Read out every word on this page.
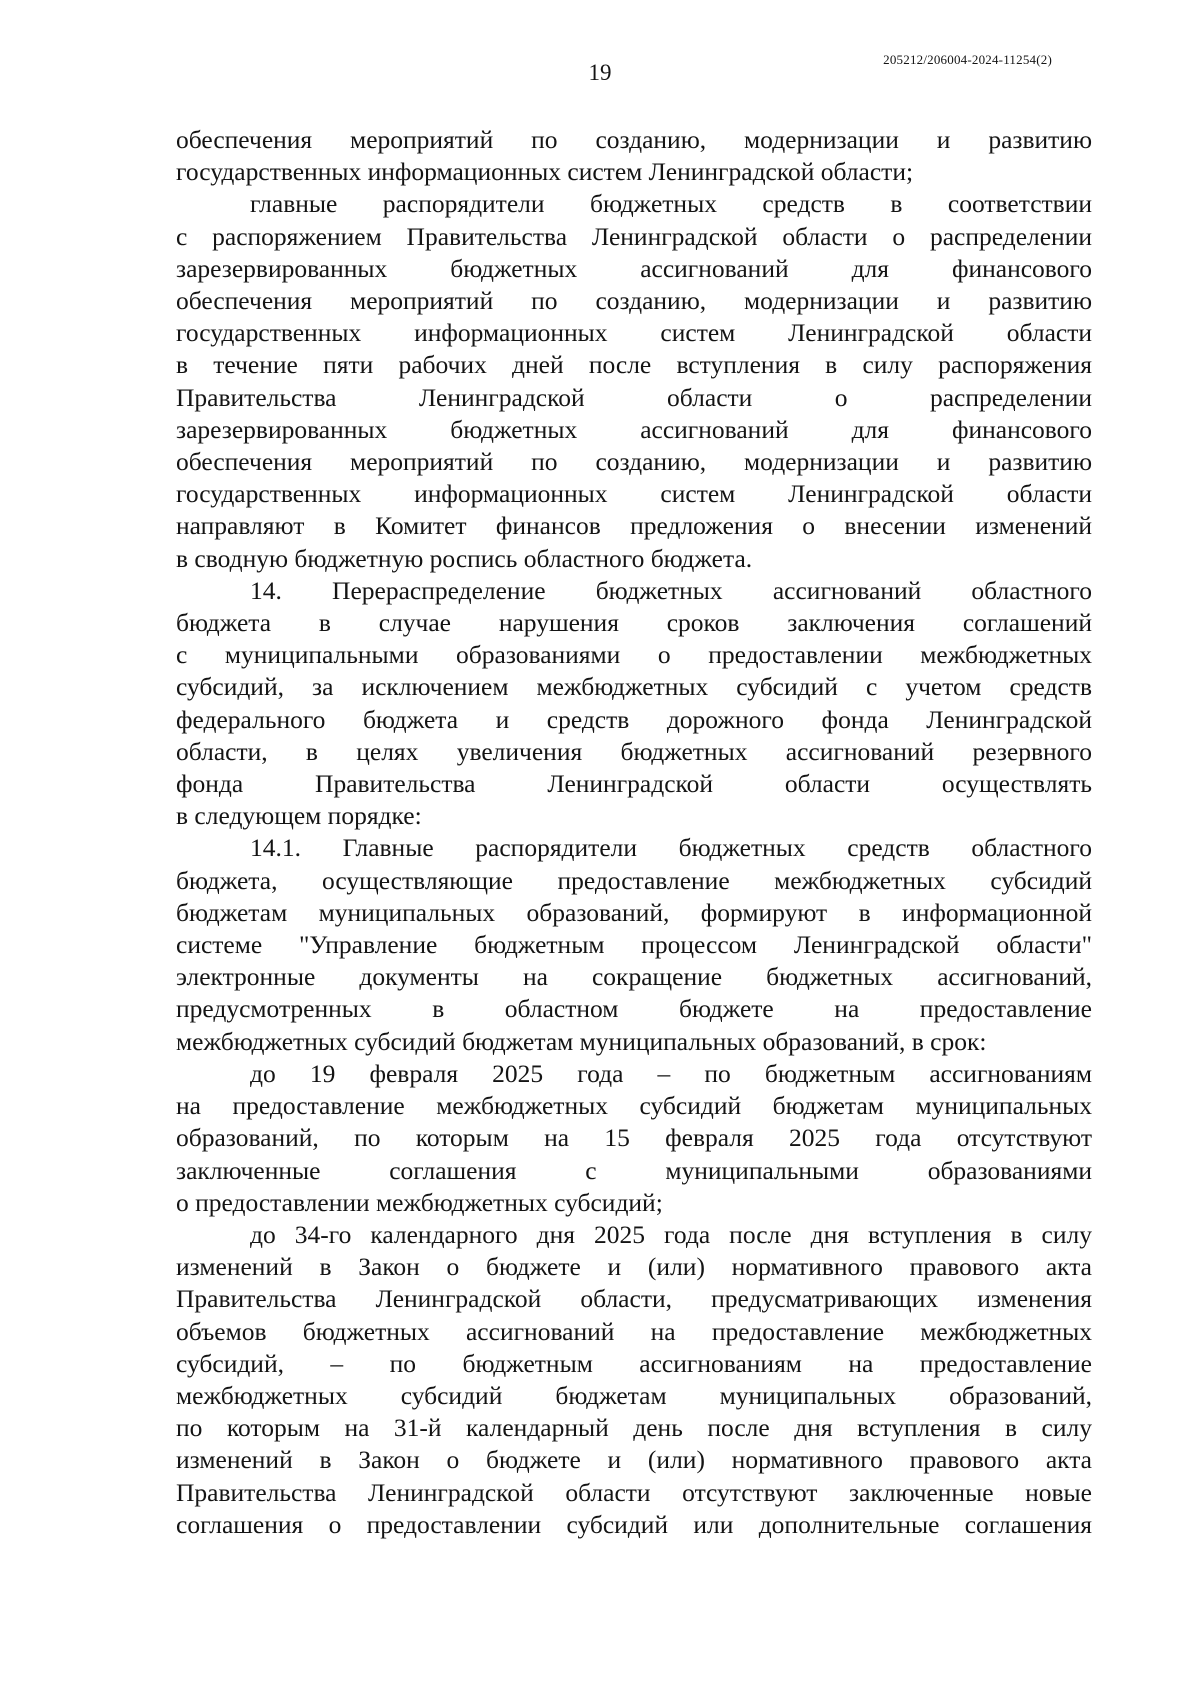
205212/206004-2024-11254(2)
19
обеспечения мероприятий по созданию, модернизации и развитию
государственных информационных систем Ленинградской области;
главные распорядители бюджетных средств в соответствии
с распоряжением Правительства Ленинградской области о распределении
зарезервированных бюджетных ассигнований для финансового
обеспечения мероприятий по созданию, модернизации и развитию
государственных информационных систем Ленинградской области
в течение пяти рабочих дней после вступления в силу распоряжения
Правительства Ленинградской области о распределении
зарезервированных бюджетных ассигнований для финансового
обеспечения мероприятий по созданию, модернизации и развитию
государственных информационных систем Ленинградской области
направляют в Комитет финансов предложения о внесении изменений
в сводную бюджетную роспись областного бюджета.
14. Перераспределение бюджетных ассигнований областного
бюджета в случае нарушения сроков заключения соглашений
с муниципальными образованиями о предоставлении межбюджетных
субсидий, за исключением межбюджетных субсидий с учетом средств
федерального бюджета и средств дорожного фонда Ленинградской
области, в целях увеличения бюджетных ассигнований резервного
фонда Правительства Ленинградской области осуществлять
в следующем порядке:
14.1. Главные распорядители бюджетных средств областного
бюджета, осуществляющие предоставление межбюджетных субсидий
бюджетам муниципальных образований, формируют в информационной
системе "Управление бюджетным процессом Ленинградской области"
электронные документы на сокращение бюджетных ассигнований,
предусмотренных в областном бюджете на предоставление
межбюджетных субсидий бюджетам муниципальных образований, в срок:
до 19 февраля 2025 года – по бюджетным ассигнованиям
на предоставление межбюджетных субсидий бюджетам муниципальных
образований, по которым на 15 февраля 2025 года отсутствуют
заключенные соглашения с муниципальными образованиями
о предоставлении межбюджетных субсидий;
до 34-го календарного дня 2025 года после дня вступления в силу
изменений в Закон о бюджете и (или) нормативного правового акта
Правительства Ленинградской области, предусматривающих изменения
объемов бюджетных ассигнований на предоставление межбюджетных
субсидий, – по бюджетным ассигнованиям на предоставление
межбюджетных субсидий бюджетам муниципальных образований,
по которым на 31-й календарный день после дня вступления в силу
изменений в Закон о бюджете и (или) нормативного правового акта
Правительства Ленинградской области отсутствуют заключенные новые
соглашения о предоставлении субсидий или дополнительные соглашения
